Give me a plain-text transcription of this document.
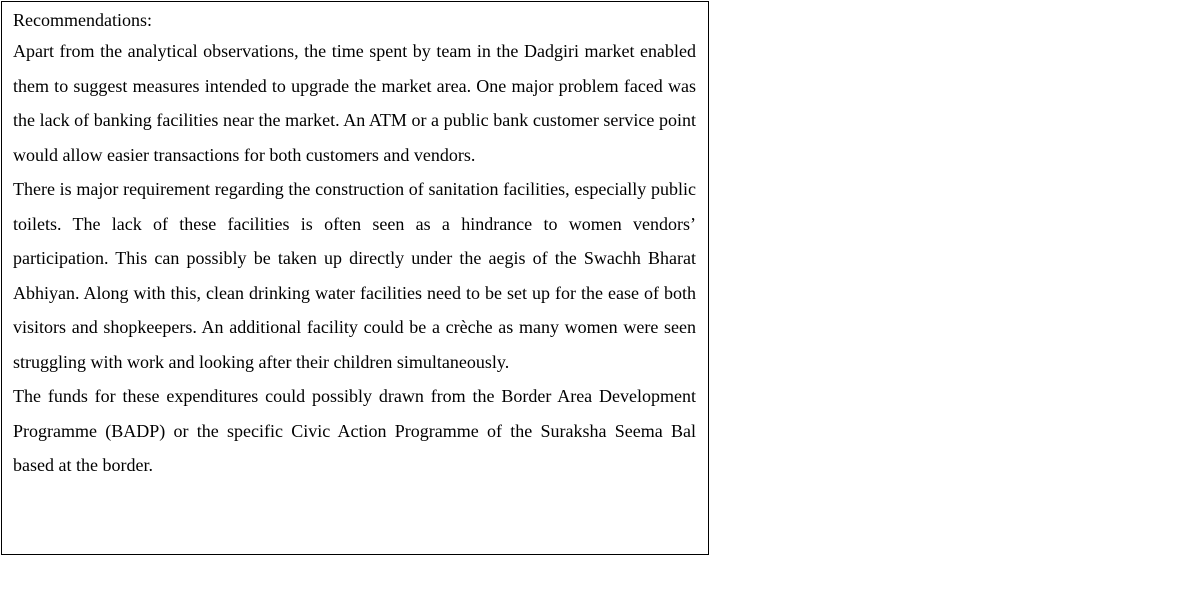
Recommendations:

Apart from the analytical observations, the time spent by team in the Dadgiri market enabled them to suggest measures intended to upgrade the market area. One major problem faced was the lack of banking facilities near the market. An ATM or a public bank customer service point would allow easier transactions for both customers and vendors.

There is major requirement regarding the construction of sanitation facilities, especially public toilets. The lack of these facilities is often seen as a hindrance to women vendors’ participation. This can possibly be taken up directly under the aegis of the Swachh Bharat Abhiyan. Along with this, clean drinking water facilities need to be set up for the ease of both visitors and shopkeepers. An additional facility could be a crèche as many women were seen struggling with work and looking after their children simultaneously.

The funds for these expenditures could possibly drawn from the Border Area Development Programme (BADP) or the specific Civic Action Programme of the Suraksha Seema Bal based at the border.
